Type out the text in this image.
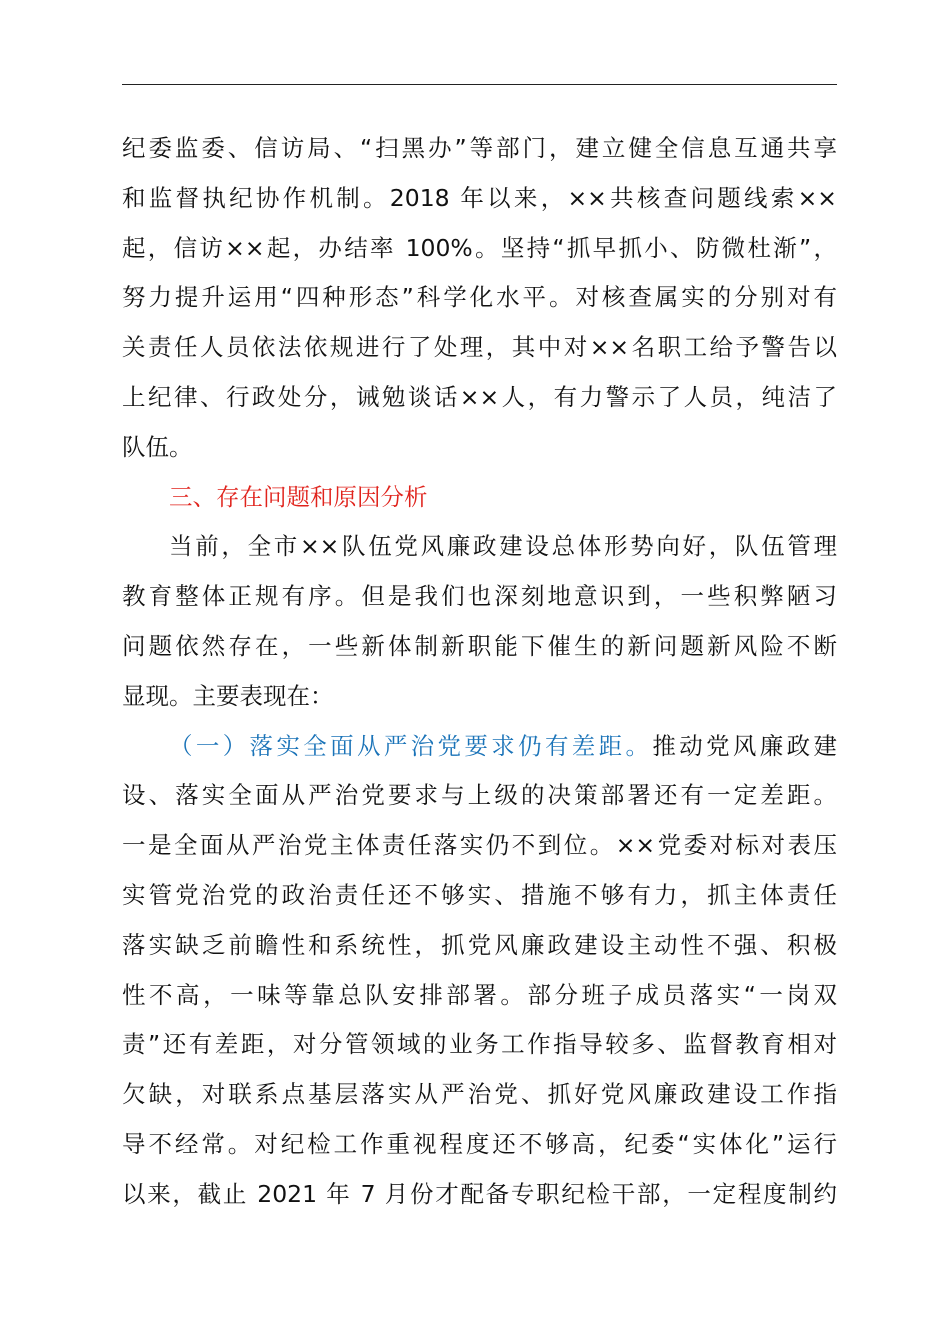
纪委监委、信访局、“扫黑办”等部门，建立健全信息互通共享
和监督执纪协作机制。2018 年以来，××共核查问题线索××
起，信访××起，办结率 100%。坚持“抓早抓小、防微杜渐”，
努力提升运用“四种形态”科学化水平。对核查属实的分别对有
关责任人员依法依规进行了处理，其中对××名职工给予警告以
上纪律、行政处分，诫勉谈话××人，有力警示了人员，纯洁了
队伍。
三、存在问题和原因分析
当前，全市××队伍党风廉政建设总体形势向好，队伍管理
教育整体正规有序。但是我们也深刻地意识到，一些积弊陋习
问题依然存在，一些新体制新职能下催生的新问题新风险不断
显现。主要表现在：
（一）落实全面从严治党要求仍有差距。推动党风廉政建
设、落实全面从严治党要求与上级的决策部署还有一定差距。
一是全面从严治党主体责任落实仍不到位。××党委对标对表压
实管党治党的政治责任还不够实、措施不够有力，抓主体责任
落实缺乏前瞻性和系统性，抓党风廉政建设主动性不强、积极
性不高，一味等靠总队安排部署。部分班子成员落实“一岗双
责”还有差距，对分管领域的业务工作指导较多、监督教育相对
欠缺，对联系点基层落实从严治党、抓好党风廉政建设工作指
导不经常。对纪检工作重视程度还不够高，纪委“实体化”运行
以来，截止 2021 年 7 月份才配备专职纪检干部，一定程度制约
